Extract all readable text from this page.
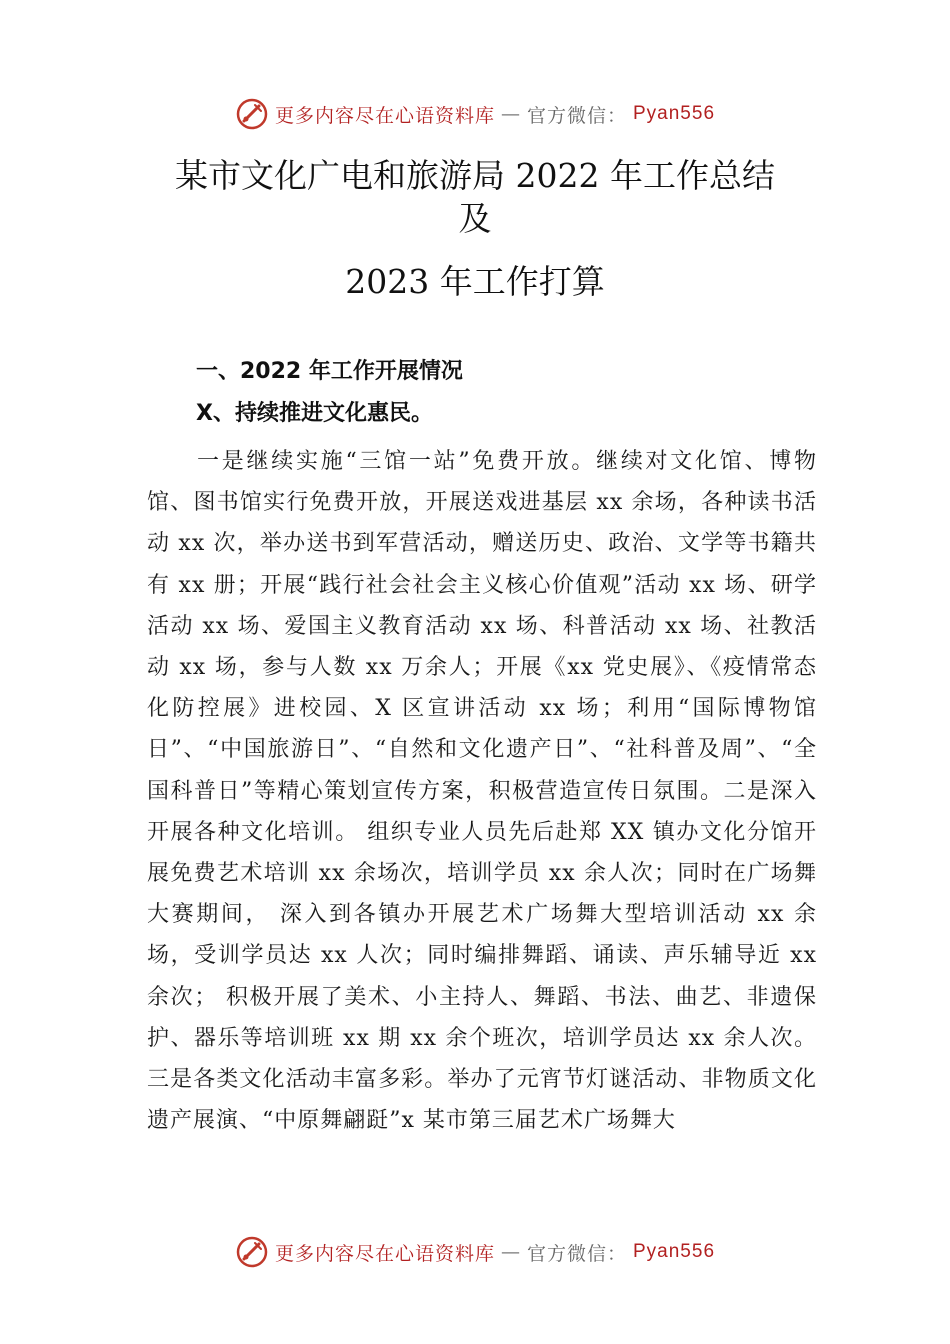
更多内容尽在心语资料库 — 官方微信： Pyan556
某市文化广电和旅游局 2022 年工作总结
及
2023 年工作打算
一、2022 年工作开展情况
X、持续推进文化惠民。

一是继续实施“三馆一站”免费开放。继续对文化馆、博物馆、图书馆实行免费开放，开展送戏进基层 xx 余场，各种读书活动 xx 次，举办送书到军营活动，赠送历史、政治、文学等书籍共有 xx 册；开展“践行社会社会主义核心价值观”活动 xx 场、研学活动 xx 场、爱国主义教育活动 xx 场、科普活动 xx 场、社教活动 xx 场，参与人数 xx 万余人；开展《xx 党史展》、《疫情常态化防控展》进校园、X 区宣讲活动 xx 场；利用“国际博物馆日”、“中国旅游日”、“自然和文化遗产日”、“社科普及周”、“全国科普日”等精心策划宣传方案，积极营造宣传日氛围。二是深入开展各种文化培训。 组织专业人员先后赴郑 XX 镇办文化分馆开展免费艺术培训 xx 余场次，培训学员 xx 余人次；同时在广场舞大赛期间， 深入到各镇办开展艺术广场舞大型培训活动 xx 余场，受训学员达 xx 人次；同时编排舞蹈、诵读、声乐辅导近 xx 余次； 积极开展了美术、小主持人、舞蹈、书法、曲艺、非遗保护、器乐等培训班 xx 期 xx 余个班次，培训学员达 xx 余人次。三是各类文化活动丰富多彩。举办了元宵节灯谜活动、非物质文化遗产展演、“中原舞翩跹”x 某市第三届艺术广场舞大

更多内容尽在心语资料库 — 官方微信： Pyan556
